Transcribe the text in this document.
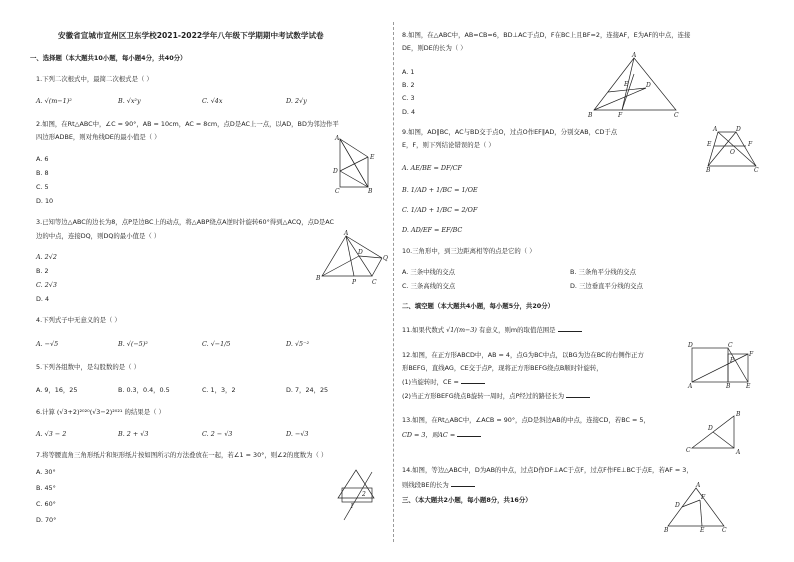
安徽省宣城市宣州区卫东学校2021-2022学年八年级下学期期中考试数学试卷
一、选择题（本大题共10小题，每小题4分，共40分）
1.下列二次根式中，最简二次根式是（ ）
A. √(m−1)²	B. √x²y	C. √4x	D. 2√y
2.如图，在Rt△ABC中，∠C = 90°，AB = 10cm，AC = 8cm，点D是AC上一点，以AD，BD为邻边作平
四边形ADBE，则对角线DE的最小值是（ ）
A. 6
B. 8
C. 5
D. 10
A
E
D
C	B
3.已知等边△ABC的边长为8，点P是边BC上的动点，将△ABP绕点A逆时针旋转60°得到△ACQ，点D是AC
边的中点，连接DQ，则DQ的最小值是（ ）
A. 2√2
B. 2
C. 2√3
D. 4
A
Q
D
B
P	C
4.下列式子中无意义的是（ ）
A. −√5	B. √(−5)²	C. √−1/5	D. √5⁻²
5.下列各组数中，是勾股数的是（ ）
A. 9，16，25	B. 0.3，0.4，0.5	C. 1，3，2	D. 7，24，25
6.计算 (√3+2)²⁰²⁰(√3−2)²⁰²¹ 的结果是（ ）
A. √3 − 2	B. 2 + √3	C. 2 − √3	D. −√3
7.将等腰直角三角形纸片和矩形纸片按如图所示的方法叠放在一起，若∠1 = 30°，则∠2的度数为（ ）
A. 30°
B. 45°
C. 60°
D. 70°
1
2
8.如图，在△ABC中，AB=CB=6，BD⊥AC于点D，F在BC上且BF=2，连接AF，E为AF的中点，连接
DE，则DE的长为（ ）
A. 1
B. 2
C. 3
D. 4
A
E	D
B	F	C
9.如图，AD∥BC，AC与BD交于点O，过点O作EF∥AD，分别交AB，CD于点
E，F，则下列结论错误的是（ ）
A. AE/BE = DF/CF
B. 1/AD + 1/BC = 1/OE
C. 1/AD + 1/BC = 2/OF
D. AD/EF = EF/BC
A	D
E	F
O
B	C
10.三角形中，到三边距离相等的点是它的（ ）
A. 三条中线的交点	B. 三条角平分线的交点
C. 三条高线的交点	D. 三边垂直平分线的交点
二、填空题（本大题共4小题，每小题5分，共20分）
11.如果代数式 √1/(m−3) 有意义，则m的取值范围是
12.如图，在正方形ABCD中，AB = 4，点G为BC中点，以BG为边在BC的右侧作正方
形BEFG，直线AG，CE交于点P，现将正方形BEFG绕点B顺时针旋转，
(1)当旋转时，CE =
(2)当正方形BEFG绕点B旋转一周时，点P经过的路径长为
D	C
F
P
A	B	E
13.如图，在Rt△ABC中，∠ACB = 90°，点D是斜边AB的中点，连接CD，若BC = 5，
CD = 3，则AC =
C
B
A
D
14.如图，等边△ABC中，D为AB的中点，过点D作DF⊥AC于点F，过点F作FE⊥BC于点E，若AF = 3，
则线段BE的长为
三、（本大题共2小题，每小题8分，共16分）
A
D
F
B	E	C
